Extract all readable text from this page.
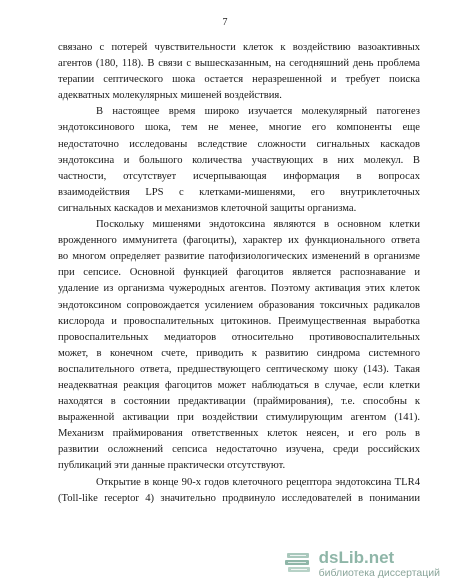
7
связано с потерей чувствительности клеток к воздействию вазоактивных
агентов (180, 118). В связи с вышесказанным, на сегодняшний день проблема
терапии септического шока остается неразрешенной и требует поиска
адекватных молекулярных мишеней воздействия.
В настоящее время широко изучается молекулярный патогенез
эндотоксинового шока, тем не менее, многие его компоненты еще
недостаточно исследованы вследствие сложности сигнальных каскадов
эндотоксина и большого количества участвующих в них молекул. В
частности, отсутствует исчерпывающая информация в вопросах
взаимодействия LPS с клетками-мишенями, его внутриклеточных
сигнальных каскадов и механизмов клеточной защиты организма.
Поскольку мишенями эндотоксина являются в основном клетки
врожденного иммунитета (фагоциты), характер их функционального ответа
во многом определяет развитие патофизиологических изменений в организме
при сепсисе. Основной функцией фагоцитов является распознавание и
удаление из организма чужеродных агентов. Поэтому активация этих клеток
эндотоксином сопровождается усилением образования токсичных радикалов
кислорода и провоспалительных цитокинов. Преимущественная выработка
провоспалительных медиаторов относительно противовоспалительных
может, в конечном счете, приводить к развитию синдрома системного
воспалительного ответа, предшествующего септическому шоку (143). Такая
неадекватная реакция фагоцитов может наблюдаться в случае, если клетки
находятся в состоянии предактивации (праймирования), т.е. способны к
выраженной активации при воздействии стимулирующим агентом (141).
Механизм праймирования ответственных клеток неясен, и его роль в
развитии осложнений сепсиса недостаточно изучена, среди российских
публикаций эти данные практически отсутствуют.
Открытие в конце 90-х годов клеточного рецептора эндотоксина TLR4
(Toll-like receptor 4) значительно продвинуло исследователей в понимании
dsLib.net
библиотека диссертаций
